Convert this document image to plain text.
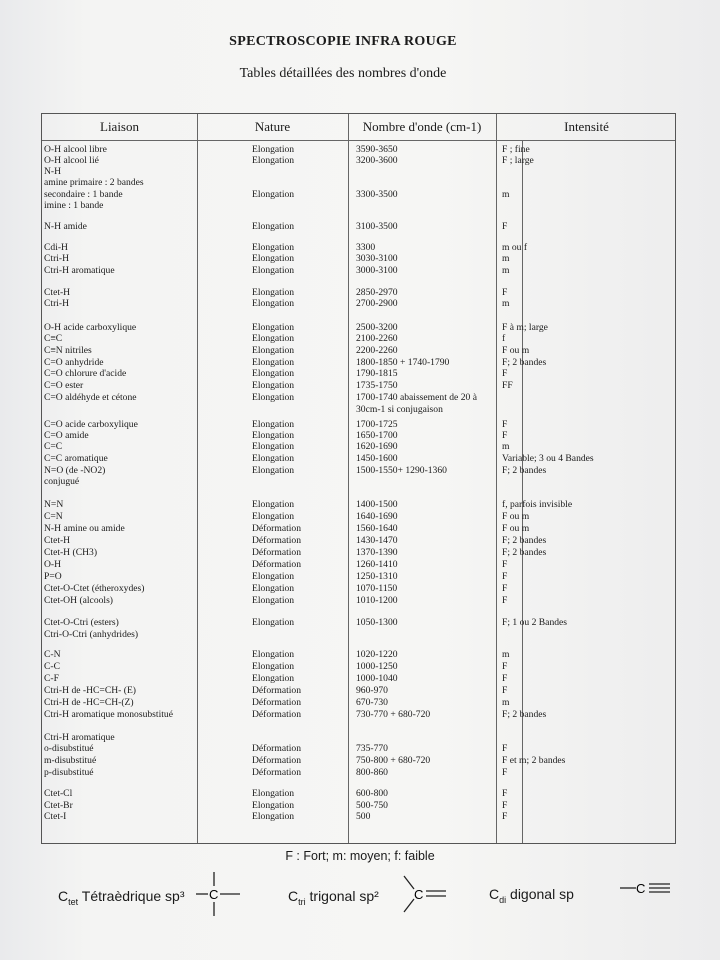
SPECTROSCOPIE INFRA ROUGE
Tables détaillées des nombres d'onde
Liaison	Nature	Nombre d'onde (cm-1)	Intensité
O-H alcool libre	Elongation	3590-3650	F ; fine
O-H alcool lié	Elongation	3200-3600	F ; large
N-H
amine primaire : 2 bandes
secondaire : 1 bande	Elongation	3300-3500	m
imine : 1 bande
N-H amide	Elongation	3100-3500	F
Cdi-H	Elongation	3300	m ou f
Ctri-H	Elongation	3030-3100	m
Ctri-H aromatique	Elongation	3000-3100	m
Ctet-H	Elongation	2850-2970	F
Ctri-H	Elongation	2700-2900	m
O-H acide carboxylique	Elongation	2500-3200	F à m; large
C≡C	Elongation	2100-2260	f
C≡N nitriles	Elongation	2200-2260	F ou m
C=O anhydride	Elongation	1800-1850 + 1740-1790	F; 2 bandes
C=O chlorure d'acide	Elongation	1790-1815	F
C=O ester	Elongation	1735-1750	FF
C=O aldéhyde et cétone	Elongation	1700-1740 abaissement de 20 à
30cm-1 si conjugaison
C=O acide carboxylique	Elongation	1700-1725	F
C=O amide	Elongation	1650-1700	F
C=C	Elongation	1620-1690	m
C=C aromatique	Elongation	1450-1600	Variable; 3 ou 4 Bandes
N=O (de -NO2)	Elongation	1500-1550+ 1290-1360	F; 2 bandes
conjugué
N=N	Elongation	1400-1500	f, parfois invisible
C=N	Elongation	1640-1690	F ou m
N-H amine ou amide	Déformation	1560-1640	F ou m
Ctet-H	Déformation	1430-1470	F; 2 bandes
Ctet-H (CH3)	Déformation	1370-1390	F; 2 bandes
O-H	Déformation	1260-1410	F
P=O	Elongation	1250-1310	F
Ctet-O-Ctet (étheroxydes)	Elongation	1070-1150	F
Ctet-OH (alcools)	Elongation	1010-1200	F
Ctet-O-Ctri (esters)	Elongation	1050-1300	F; 1 ou 2 Bandes
Ctri-O-Ctri (anhydrides)
C-N	Elongation	1020-1220	m
C-C	Elongation	1000-1250	F
C-F	Elongation	1000-1040	F
Ctri-H de -HC=CH- (E)	Déformation	960-970	F
Ctri-H de -HC=CH-(Z)	Déformation	670-730	m
Ctri-H aromatique monosubstitué	Déformation	730-770 + 680-720	F; 2 bandes
Ctri-H aromatique
o-disubstitué	Déformation	735-770	F
m-disubstitué	Déformation	750-800 + 680-720	F et m; 2 bandes
p-disubstitué	Déformation	800-860	F
Ctet-Cl	Elongation	600-800	F
Ctet-Br	Elongation	500-750	F
Ctet-I	Elongation	500	F
F : Fort; m: moyen; f: faible
$C_{tet}$ Tétraèdrique sp³ C	$C_{tri}$ trigonal sp²	C	$C_{di}$ digonal sp	C
